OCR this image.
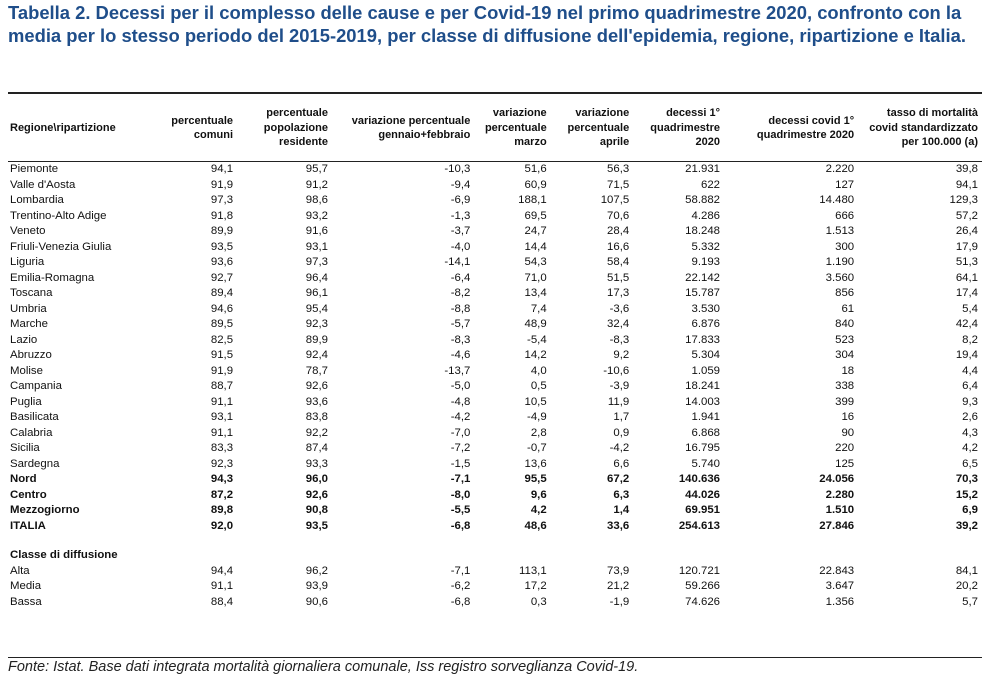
Tabella 2. Decessi per il complesso delle cause e per Covid-19 nel primo quadrimestre 2020, confronto con la media per lo stesso periodo del 2015-2019, per classe di diffusione dell'epidemia, regione, ripartizione e Italia.
Regione\ripartizione	percentuale comuni	percentuale popolazione residente	variazione percentuale gennaio+febbraio	variazione percentuale marzo	variazione percentuale aprile	decessi 1° quadrimestre 2020	decessi covid 1° quadrimestre 2020	tasso di mortalità covid standardizzato per 100.000 (a)
Piemonte	94,1	95,7	-10,3	51,6	56,3	21.931	2.220	39,8
Valle d'Aosta	91,9	91,2	-9,4	60,9	71,5	622	127	94,1
Lombardia	97,3	98,6	-6,9	188,1	107,5	58.882	14.480	129,3
Trentino-Alto Adige	91,8	93,2	-1,3	69,5	70,6	4.286	666	57,2
Veneto	89,9	91,6	-3,7	24,7	28,4	18.248	1.513	26,4
Friuli-Venezia Giulia	93,5	93,1	-4,0	14,4	16,6	5.332	300	17,9
Liguria	93,6	97,3	-14,1	54,3	58,4	9.193	1.190	51,3
Emilia-Romagna	92,7	96,4	-6,4	71,0	51,5	22.142	3.560	64,1
Toscana	89,4	96,1	-8,2	13,4	17,3	15.787	856	17,4
Umbria	94,6	95,4	-8,8	7,4	-3,6	3.530	61	5,4
Marche	89,5	92,3	-5,7	48,9	32,4	6.876	840	42,4
Lazio	82,5	89,9	-8,3	-5,4	-8,3	17.833	523	8,2
Abruzzo	91,5	92,4	-4,6	14,2	9,2	5.304	304	19,4
Molise	91,9	78,7	-13,7	4,0	-10,6	1.059	18	4,4
Campania	88,7	92,6	-5,0	0,5	-3,9	18.241	338	6,4
Puglia	91,1	93,6	-4,8	10,5	11,9	14.003	399	9,3
Basilicata	93,1	83,8	-4,2	-4,9	1,7	1.941	16	2,6
Calabria	91,1	92,2	-7,0	2,8	0,9	6.868	90	4,3
Sicilia	83,3	87,4	-7,2	-0,7	-4,2	16.795	220	4,2
Sardegna	92,3	93,3	-1,5	13,6	6,6	5.740	125	6,5
Nord	94,3	96,0	-7,1	95,5	67,2	140.636	24.056	70,3
Centro	87,2	92,6	-8,0	9,6	6,3	44.026	2.280	15,2
Mezzogiorno	89,8	90,8	-5,5	4,2	1,4	69.951	1.510	6,9
ITALIA	92,0	93,5	-6,8	48,6	33,6	254.613	27.846	39,2

Classe di diffusione								
Alta	94,4	96,2	-7,1	113,1	73,9	120.721	22.843	84,1
Media	91,1	93,9	-6,2	17,2	21,2	59.266	3.647	20,2
Bassa	88,4	90,6	-6,8	0,3	-1,9	74.626	1.356	5,7
Fonte: Istat. Base dati integrata mortalità giornaliera comunale, Iss registro sorveglianza Covid-19.
